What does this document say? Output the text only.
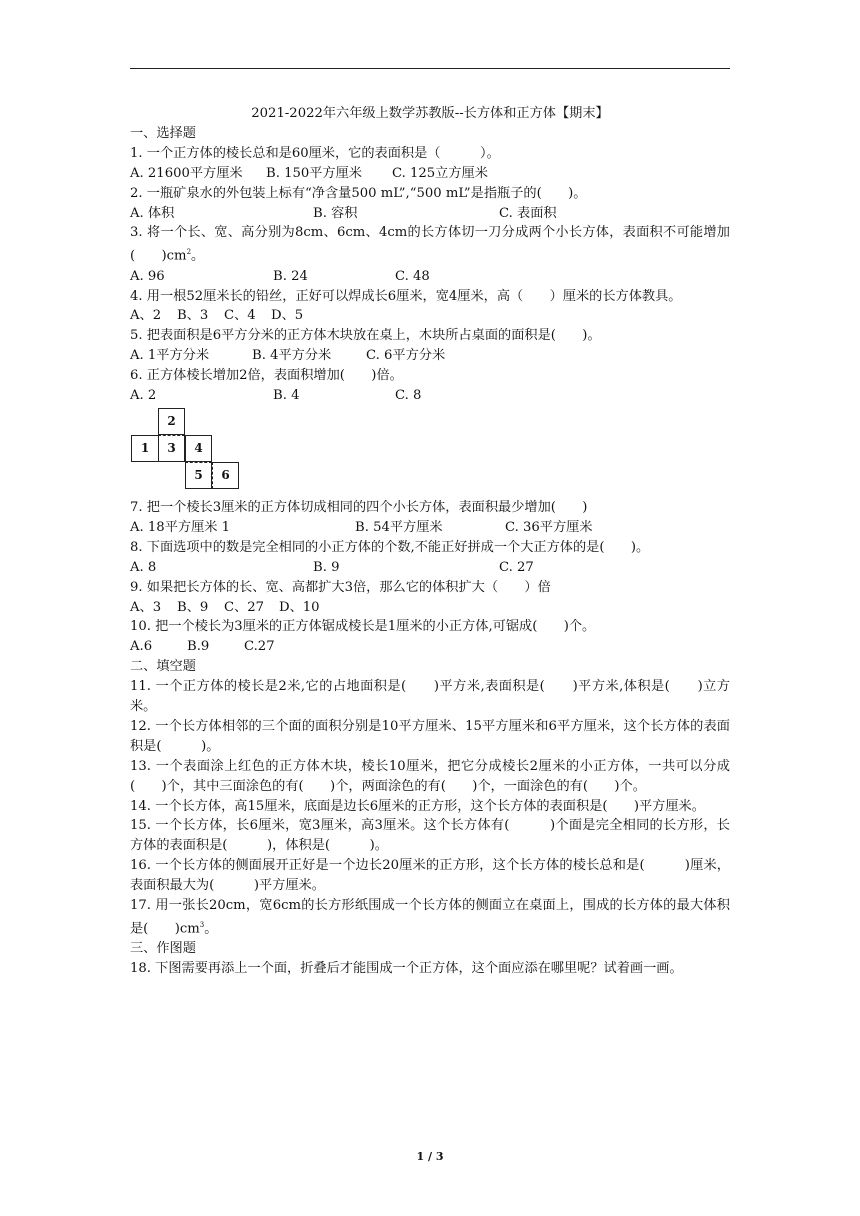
2021-2022年六年级上数学苏教版--长方体和正方体【期末】

一、选择题

1. 一个正方体的棱长总和是60厘米，它的表面积是（　　　）。

A. 21600平方厘米	B. 150平方厘米	C. 125立方厘米

2. 一瓶矿泉水的外包装上标有“净含量500 mL”,“500 mL”是指瓶子的(　　)。

A. 体积	B. 容积	C. 表面积

3. 将一个长、宽、高分别为8cm、6cm、4cm的长方体切一刀分成两个小长方体，表面积不可能增加(　　)$cm^2$。

A. 96	B. 24	C. 48

4. 用一根52厘米长的铅丝，正好可以焊成长6厘米，宽4厘米，高（　　）厘米的长方体教具。

A、2	B、3	C、4	D、5

5. 把表面积是6平方分米的正方体木块放在桌上，木块所占桌面的面积是(　　)。

A. 1平方分米	B. 4平方分米	C. 6平方分米

6. 正方体棱长增加2倍，表面积增加(　　)倍。

A. 2	B. 4	C. 8
2
1	3	4
5	6

7. 把一个棱长3厘米的正方体切成相同的四个小长方体，表面积最少增加(　　)

A. 18平方厘米 1	B. 54平方厘米	C. 36平方厘米

8. 下面选项中的数是完全相同的小正方体的个数,不能正好拼成一个大正方体的是(　　)。

A. 8	B. 9	C. 27

9. 如果把长方体的长、宽、高都扩大3倍，那么它的体积扩大（　　）倍

A、3	B、9	C、27	D、10

10. 把一个棱长为3厘米的正方体锯成棱长是1厘米的小正方体,可锯成(　　)个。

A.6	B.9	C.27

二、填空题

11. 一个正方体的棱长是2米,它的占地面积是(　　)平方米,表面积是(　　)平方米,体积是(　　)立方米。

12. 一个长方体相邻的三个面的面积分别是10平方厘米、15平方厘米和6平方厘米，这个长方体的表面积是(　　　)。

13. 一个表面涂上红色的正方体木块，棱长10厘米，把它分成棱长2厘米的小正方体，一共可以分成(　　)个，其中三面涂色的有(　　)个，两面涂色的有(　　)个，一面涂色的有(　　)个。

14. 一个长方体，高15厘米，底面是边长6厘米的正方形，这个长方体的表面积是(　　)平方厘米。

15. 一个长方体，长6厘米，宽3厘米，高3厘米。这个长方体有(　　　)个面是完全相同的长方形，长方体的表面积是(　　　)，体积是(　　　)。

16. 一个长方体的侧面展开正好是一个边长20厘米的正方形，这个长方体的棱长总和是(　　　)厘米，表面积最大为(　　　)平方厘米。

17. 用一张长20cm，宽6cm的长方形纸围成一个长方体的侧面立在桌面上，围成的长方体的最大体积是(　　)$cm^3$。

三、作图题

18. 下图需要再添上一个面，折叠后才能围成一个正方体，这个面应添在哪里呢？试着画一画。

1 / 3
